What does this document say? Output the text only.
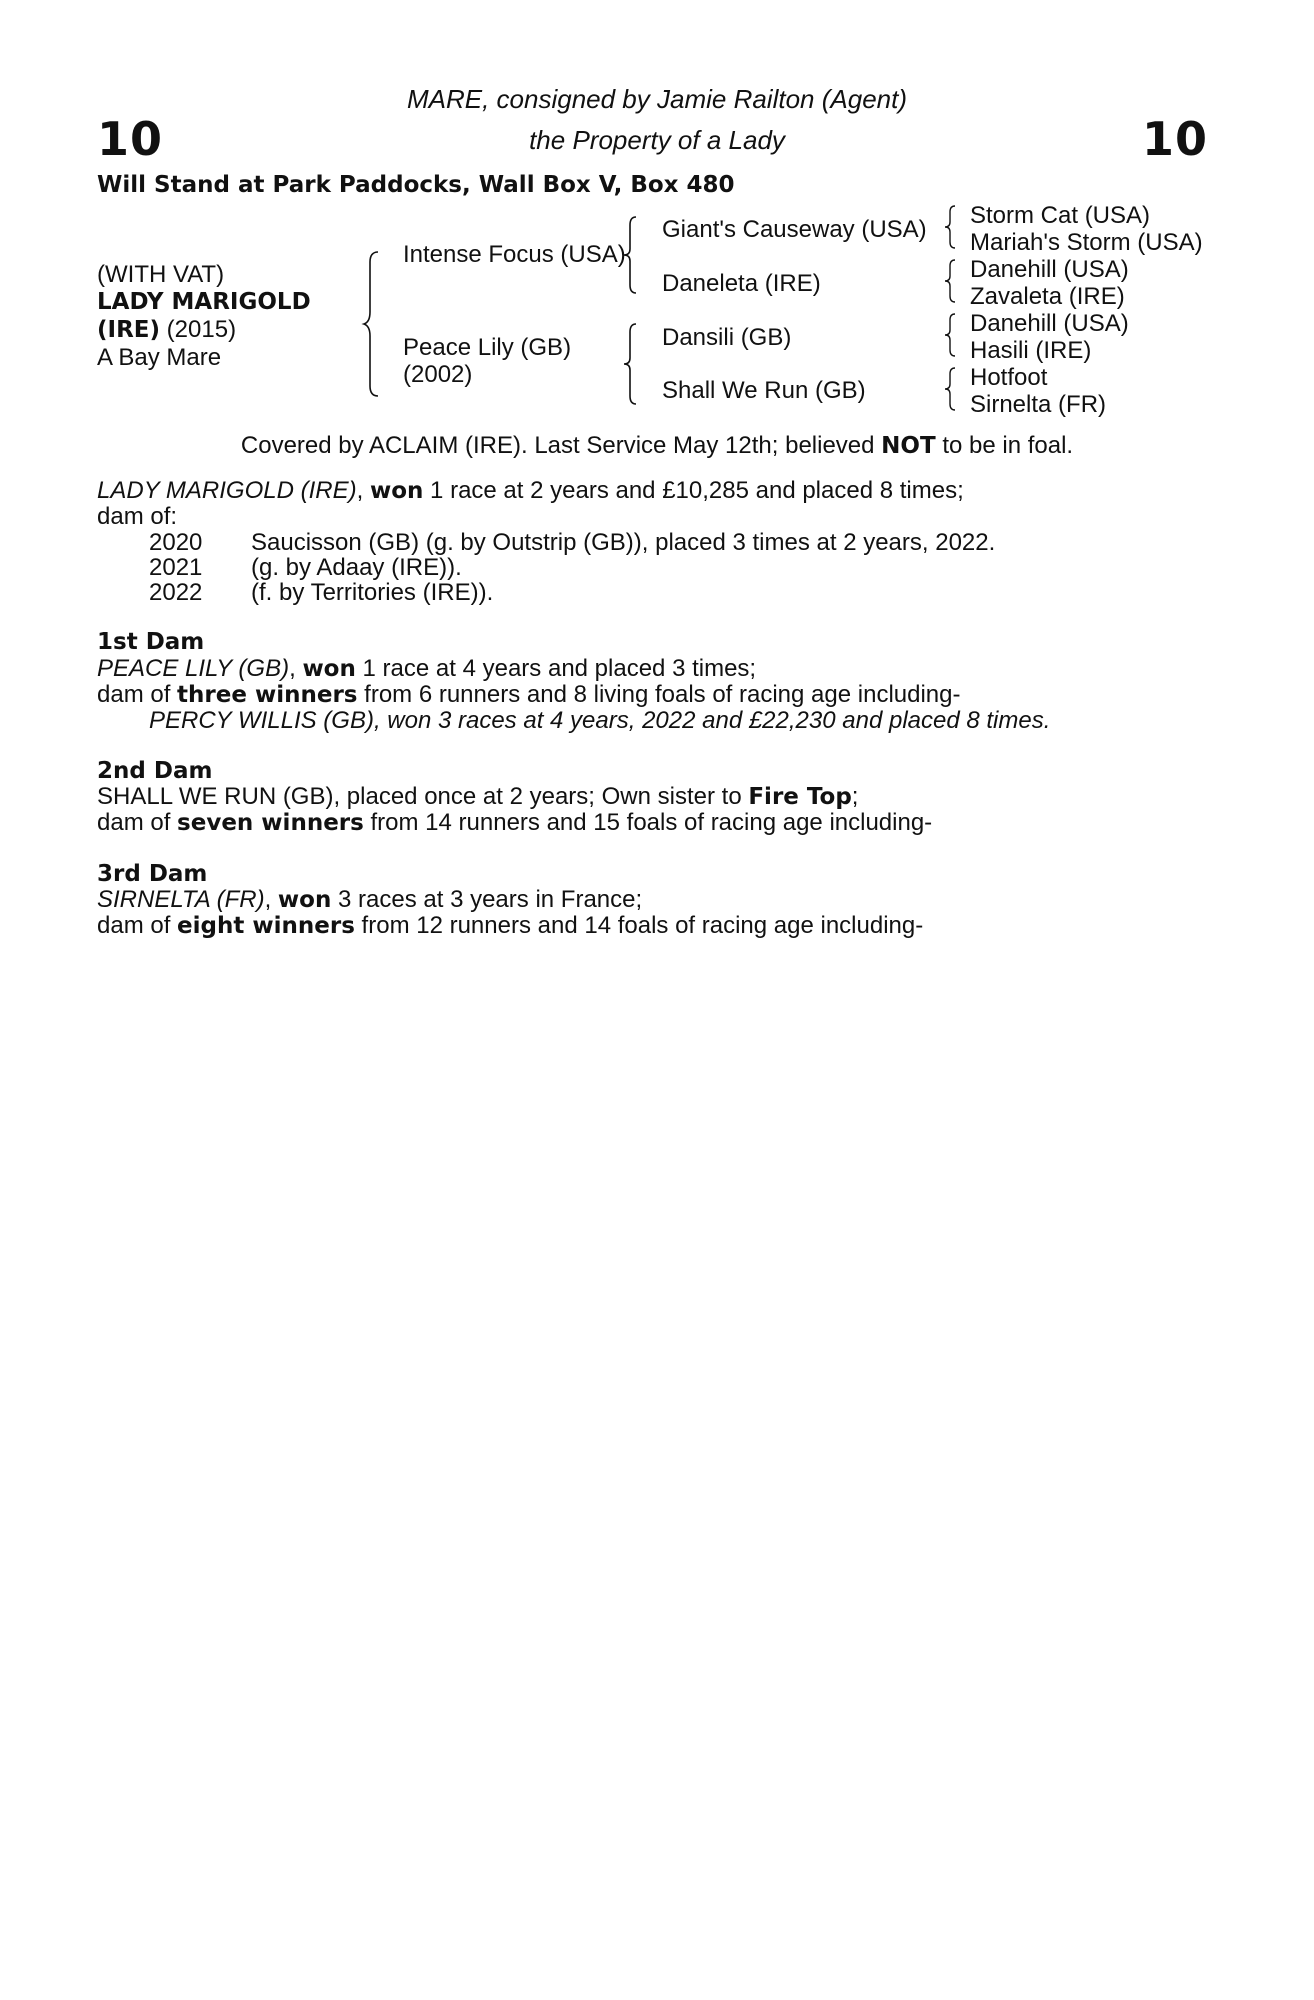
10	10
MARE, consigned by Jamie Railton (Agent)
the Property of a Lady
Will Stand at Park Paddocks, Wall Box V, Box 480
(WITH VAT)
LADY MARIGOLD
(IRE) (2015)
A Bay Mare
Intense Focus (USA)
Peace Lily (GB)
(2002)
Giant's Causeway (USA)
Daneleta (IRE)
Dansili (GB)
Shall We Run (GB)
Storm Cat (USA)
Mariah's Storm (USA)
Danehill (USA)
Zavaleta (IRE)
Danehill (USA)
Hasili (IRE)
Hotfoot
Sirnelta (FR)
Covered by ACLAIM (IRE). Last Service May 12th; believed NOT to be in foal.

LADY MARIGOLD (IRE), won 1 race at 2 years and £10,285 and placed 8 times;

dam of:

2020	Saucisson (GB) (g. by Outstrip (GB)), placed 3 times at 2 years, 2022.
2021	(g. by Adaay (IRE)).
2022	(f. by Territories (IRE)).

1st Dam

PEACE LILY (GB), won 1 race at 4 years and placed 3 times;

dam of three winners from 6 runners and 8 living foals of racing age including-

PERCY WILLIS (GB), won 3 races at 4 years, 2022 and £22,230 and placed 8 times.

2nd Dam

SHALL WE RUN (GB), placed once at 2 years; Own sister to Fire Top;

dam of seven winners from 14 runners and 15 foals of racing age including-

3rd Dam

SIRNELTA (FR), won 3 races at 3 years in France;

dam of eight winners from 12 runners and 14 foals of racing age including-
